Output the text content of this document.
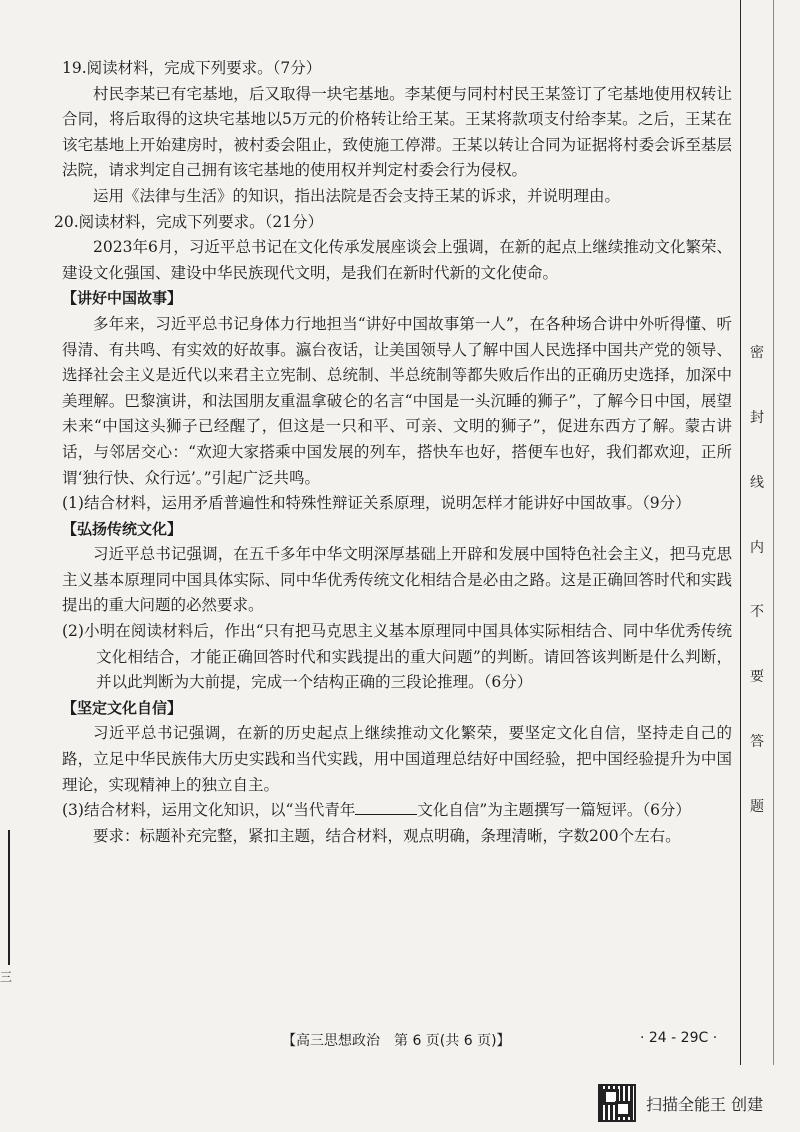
19.阅读材料，完成下列要求。（7分）

村民李某已有宅基地，后又取得一块宅基地。李某便与同村村民王某签订了宅基地使用权转让合同，将后取得的这块宅基地以5万元的价格转让给王某。王某将款项支付给李某。之后，王某在该宅基地上开始建房时，被村委会阻止，致使施工停滞。王某以转让合同为证据将村委会诉至基层法院，请求判定自己拥有该宅基地的使用权并判定村委会行为侵权。

运用《法律与生活》的知识，指出法院是否会支持王某的诉求，并说明理由。

20.阅读材料，完成下列要求。（21分）

2023年6月，习近平总书记在文化传承发展座谈会上强调，在新的起点上继续推动文化繁荣、建设文化强国、建设中华民族现代文明，是我们在新时代新的文化使命。

【讲好中国故事】

多年来，习近平总书记身体力行地担当“讲好中国故事第一人”，在各种场合讲中外听得懂、听得清、有共鸣、有实效的好故事。瀛台夜话，让美国领导人了解中国人民选择中国共产党的领导、选择社会主义是近代以来君主立宪制、总统制、半总统制等都失败后作出的正确历史选择，加深中美理解。巴黎演讲，和法国朋友重温拿破仑的名言“中国是一头沉睡的狮子”，了解今日中国，展望未来“中国这头狮子已经醒了，但这是一只和平、可亲、文明的狮子”，促进东西方了解。蒙古讲话，与邻居交心：“欢迎大家搭乘中国发展的列车，搭快车也好，搭便车也好，我们都欢迎，正所谓‘独行快、众行远’。”引起广泛共鸣。

(1)结合材料，运用矛盾普遍性和特殊性辩证关系原理，说明怎样才能讲好中国故事。（9分）

【弘扬传统文化】

习近平总书记强调，在五千多年中华文明深厚基础上开辟和发展中国特色社会主义，把马克思主义基本原理同中国具体实际、同中华优秀传统文化相结合是必由之路。这是正确回答时代和实践提出的重大问题的必然要求。

(2)小明在阅读材料后，作出“只有把马克思主义基本原理同中国具体实际相结合、同中华优秀传统文化相结合，才能正确回答时代和实践提出的重大问题”的判断。请回答该判断是什么判断，并以此判断为大前提，完成一个结构正确的三段论推理。（6分）

【坚定文化自信】

习近平总书记强调，在新的历史起点上继续推动文化繁荣，要坚定文化自信，坚持走自己的路，立足中华民族伟大历史实践和当代实践，用中国道理总结好中国经验，把中国经验提升为中国理论，实现精神上的独立自主。

(3)结合材料，运用文化知识，以“当代青年	文化自信”为主题撰写一篇短评。（6分）

要求：标题补充完整，紧扣主题，结合材料，观点明确，条理清晰，字数200个左右。

密
封
线
内
不
要
答
题
三
【高三思想政治　第 6 页(共 6 页)】	· 24 - 29C ·
扫描全能王 创建
